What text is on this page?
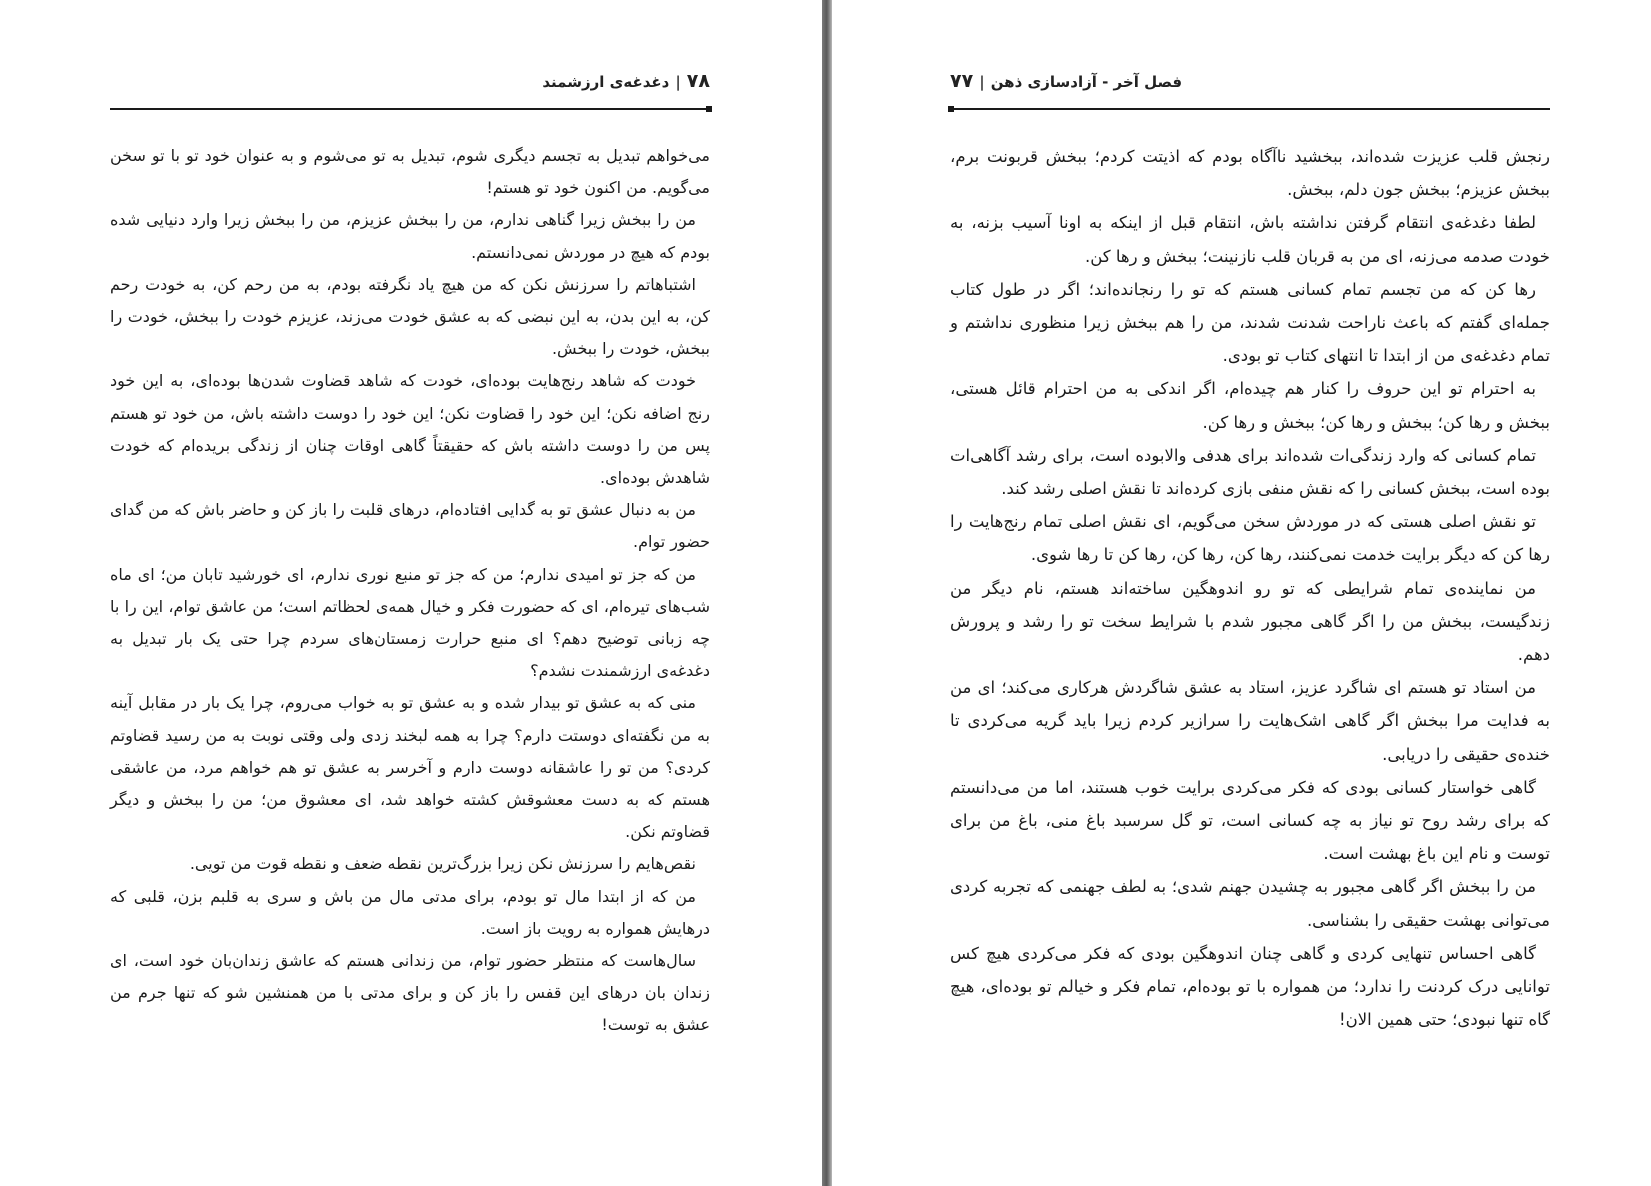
۷۸|دغدغه‌ی ارزشمند

می‌خواهم تبدیل به تجسم دیگری شوم، تبدیل به تو می‌شوم و به عنوان خود تو با تو سخن می‌گویم. من اکنون خود تو هستم!

من را ببخش زیرا گناهی ندارم، من را ببخش عزیزم، من را ببخش زیرا وارد دنیایی شده بودم که هیچ در موردش نمی‌دانستم.

اشتباهاتم را سرزنش نکن که من هیچ یاد نگرفته بودم، به من رحم کن، به خودت رحم کن، به این بدن، به این نبضی که به عشق خودت می‌زند، عزیزم خودت را ببخش، خودت را ببخش، خودت را ببخش.

خودت که شاهد رنج‌هایت بوده‌ای، خودت که شاهد قضاوت شدن‌ها بوده‌ای، به این خود رنج اضافه نکن؛ این خود را قضاوت نکن؛ این خود را دوست داشته باش، من خود تو هستم پس من را دوست داشته باش که حقیقتاً گاهی اوقات چنان از زندگی بریده‌ام که خودت شاهدش بوده‌ای.

من به دنبال عشق تو به گدایی افتاده‌ام، درهای قلبت را باز کن و حاضر باش که من گدای حضور توام.

من که جز تو امیدی ندارم؛ من که جز تو منبع نوری ندارم، ای خورشید تابان من؛ ای ماه شب‌های تیره‌ام، ای که حضورت فکر و خیال همه‌ی لحظاتم است؛ من عاشق توام، این را با چه زبانی توضیح دهم؟ ای منبع حرارت زمستان‌های سردم چرا حتی یک بار تبدیل به دغدغه‌ی ارزشمندت نشدم؟

منی که به عشق تو بیدار شده و به عشق تو به خواب می‌روم، چرا یک بار در مقابل آینه به من نگفته‌ای دوستت دارم؟ چرا به همه لبخند زدی ولی وقتی نوبت به من رسید قضاوتم کردی؟ من تو را عاشقانه دوست دارم و آخرسر به عشق تو هم خواهم مرد، من عاشقی هستم که به دست معشوقش کشته خواهد شد، ای معشوق من؛ من را ببخش و دیگر قضاوتم نکن.

نقص‌هایم را سرزنش نکن زیرا بزرگ‌ترین نقطه ضعف و نقطه قوت من تویی.

من که از ابتدا مال تو بودم، برای مدتی مال من باش و سری به قلبم بزن، قلبی که درهایش همواره به رویت باز است.

سال‌هاست که منتظر حضور توام، من زندانی هستم که عاشق زندان‌بان خود است، ای زندان بان درهای این قفس را باز کن و برای مدتی با من همنشین شو که تنها جرم من عشق به توست!

فصل آخر - آزادسازی ذهن|۷۷

رنجش قلب عزیزت شده‌اند، ببخشید ناآگاه بودم که اذیتت کردم؛ ببخش قربونت برم، ببخش عزیزم؛ ببخش جون دلم، ببخش.

لطفا دغدغه‌ی انتقام گرفتن نداشته باش، انتقام قبل از اینکه به اونا آسیب بزنه، به خودت صدمه می‌زنه، ای من به قربان قلب نازنینت؛ ببخش و رها کن.

رها کن که من تجسم تمام کسانی هستم که تو را رنجانده‌اند؛ اگر در طول کتاب جمله‌ای گفتم که باعث ناراحت شدنت شدند، من را هم ببخش زیرا منظوری نداشتم و تمام دغدغه‌ی من از ابتدا تا انتهای کتاب تو بودی.

به احترام تو این حروف را کنار هم چیده‌ام، اگر اندکی به من احترام قائل هستی، ببخش و رها کن؛ ببخش و رها کن؛ ببخش و رها کن.

تمام کسانی که وارد زندگی‌ات شده‌اند برای هدفی والابوده است، برای رشد آگاهی‌ات بوده است، ببخش کسانی را که نقش منفی بازی کرده‌اند تا نقش اصلی رشد کند.

تو نقش اصلی هستی که در موردش سخن می‌گویم، ای نقش اصلی تمام رنج‌هایت را رها کن که دیگر برایت خدمت نمی‌کنند، رها کن، رها کن، رها کن تا رها شوی.

من نماینده‌ی تمام شرایطی که تو رو اندوهگین ساخته‌اند هستم، نام دیگر من زندگیست، ببخش من را اگر گاهی مجبور شدم با شرایط سخت تو را رشد و پرورش دهم.

من استاد تو هستم ای شاگرد عزیز، استاد به عشق شاگردش هرکاری می‌کند؛ ای من به فدایت مرا ببخش اگر گاهی اشک‌هایت را سرازیر کردم زیرا باید گریه می‌کردی تا خنده‌ی حقیقی را دریابی.

گاهی خواستار کسانی بودی که فکر می‌کردی برایت خوب هستند، اما من می‌دانستم که برای رشد روح تو نیاز به چه کسانی است، تو گل سرسبد باغ منی، باغ من برای توست و نام این باغ بهشت است.

من را ببخش اگر گاهی مجبور به چشیدن جهنم شدی؛ به لطف جهنمی که تجربه کردی می‌توانی بهشت حقیقی را بشناسی.

گاهی احساس تنهایی کردی و گاهی چنان اندوهگین بودی که فکر می‌کردی هیچ کس توانایی درک کردنت را ندارد؛ من همواره با تو بوده‌ام، تمام فکر و خیالم تو بوده‌ای، هیچ گاه تنها نبودی؛ حتی همین الان!
